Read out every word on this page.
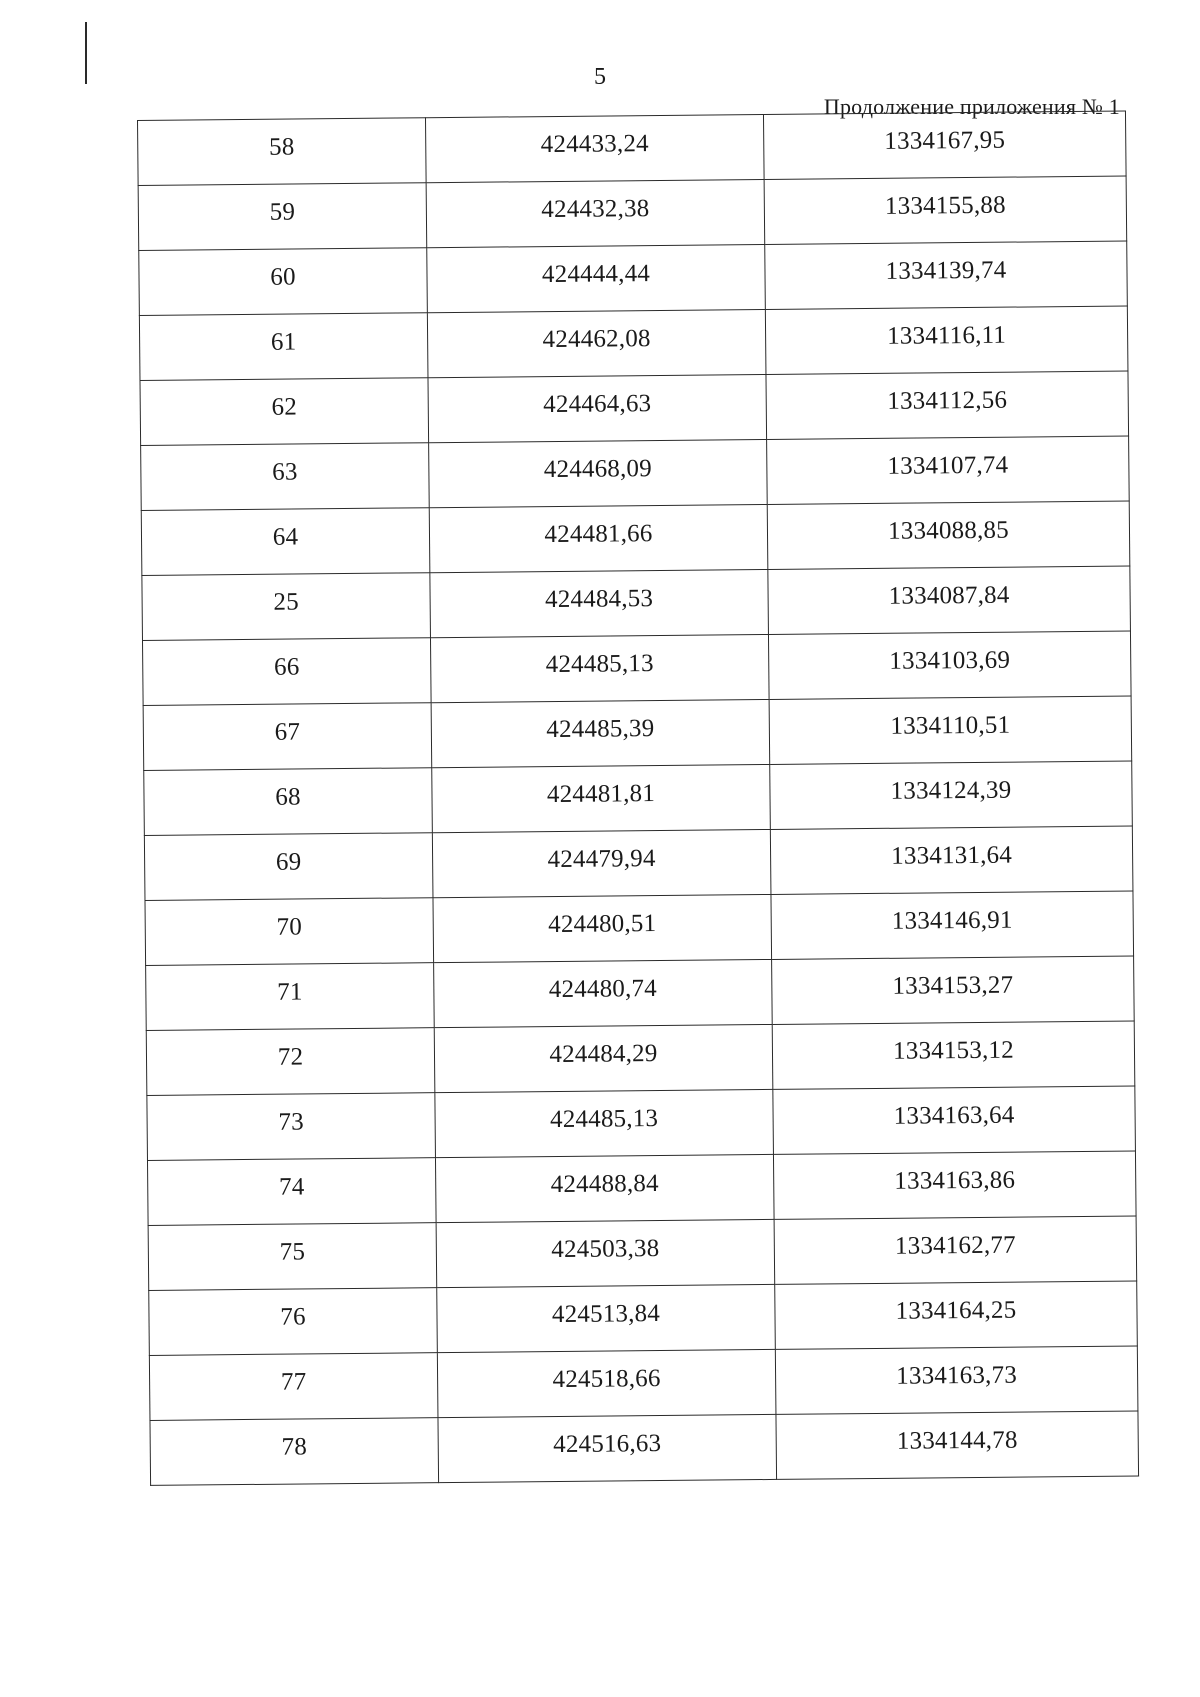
5
Продолжение приложения № 1
58	424433,24	1334167,95
59	424432,38	1334155,88
60	424444,44	1334139,74
61	424462,08	1334116,11
62	424464,63	1334112,56
63	424468,09	1334107,74
64	424481,66	1334088,85
25	424484,53	1334087,84
66	424485,13	1334103,69
67	424485,39	1334110,51
68	424481,81	1334124,39
69	424479,94	1334131,64
70	424480,51	1334146,91
71	424480,74	1334153,27
72	424484,29	1334153,12
73	424485,13	1334163,64
74	424488,84	1334163,86
75	424503,38	1334162,77
76	424513,84	1334164,25
77	424518,66	1334163,73
78	424516,63	1334144,78
